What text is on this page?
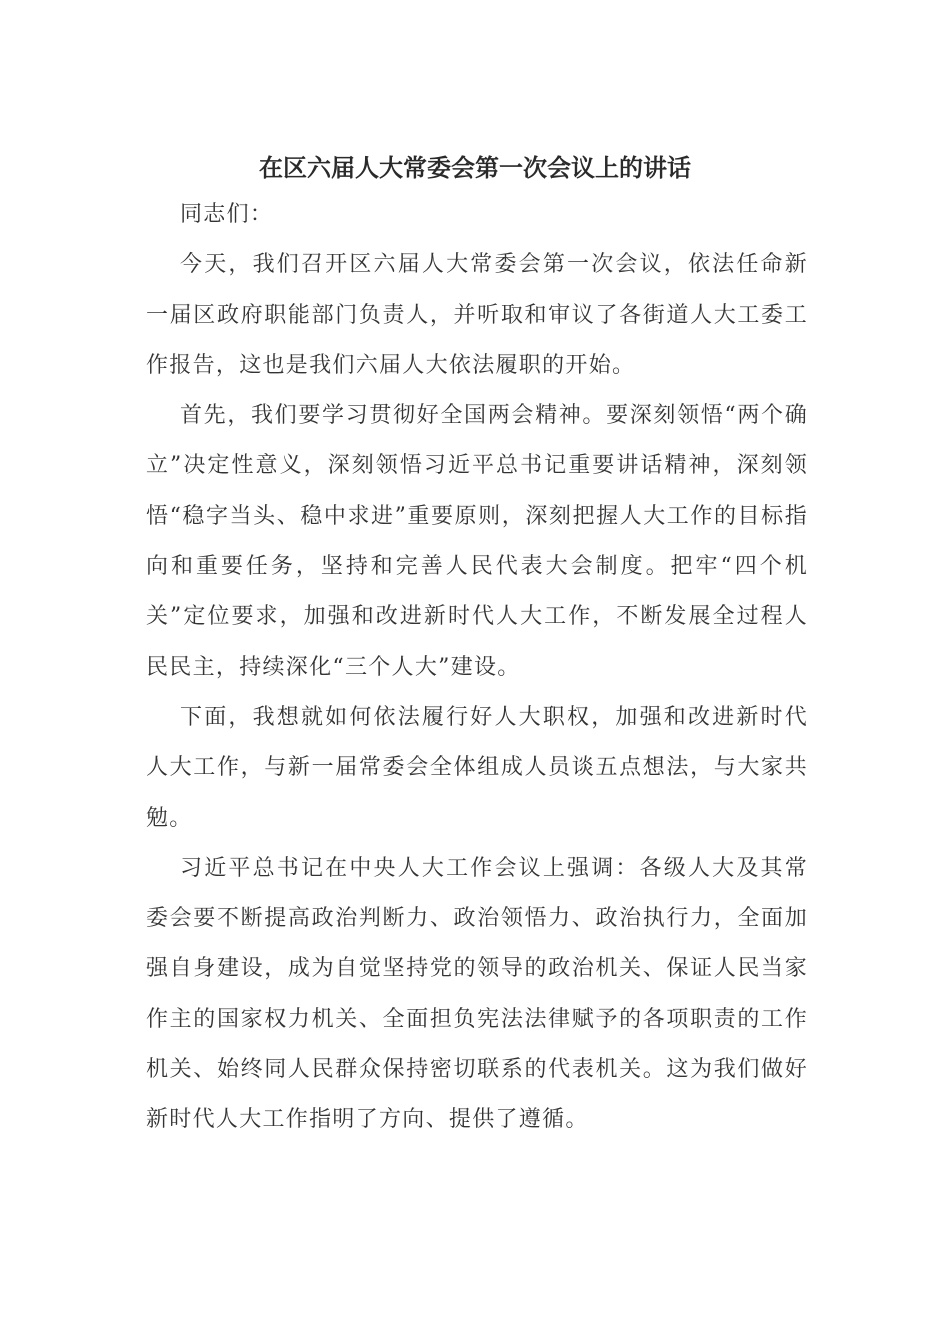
在区六届人大常委会第一次会议上的讲话

同志们：

今天，我们召开区六届人大常委会第一次会议，依法任命新一届区政府职能部门负责人，并听取和审议了各街道人大工委工作报告，这也是我们六届人大依法履职的开始。

首先，我们要学习贯彻好全国两会精神。要深刻领悟“两个确立”决定性意义，深刻领悟习近平总书记重要讲话精神，深刻领悟“稳字当头、稳中求进”重要原则，深刻把握人大工作的目标指向和重要任务，坚持和完善人民代表大会制度。把牢“四个机关”定位要求，加强和改进新时代人大工作，不断发展全过程人民民主，持续深化“三个人大”建设。

下面，我想就如何依法履行好人大职权，加强和改进新时代人大工作，与新一届常委会全体组成人员谈五点想法，与大家共勉。

习近平总书记在中央人大工作会议上强调：各级人大及其常委会要不断提高政治判断力、政治领悟力、政治执行力，全面加强自身建设，成为自觉坚持党的领导的政治机关、保证人民当家作主的国家权力机关、全面担负宪法法律赋予的各项职责的工作机关、始终同人民群众保持密切联系的代表机关。这为我们做好新时代人大工作指明了方向、提供了遵循。
